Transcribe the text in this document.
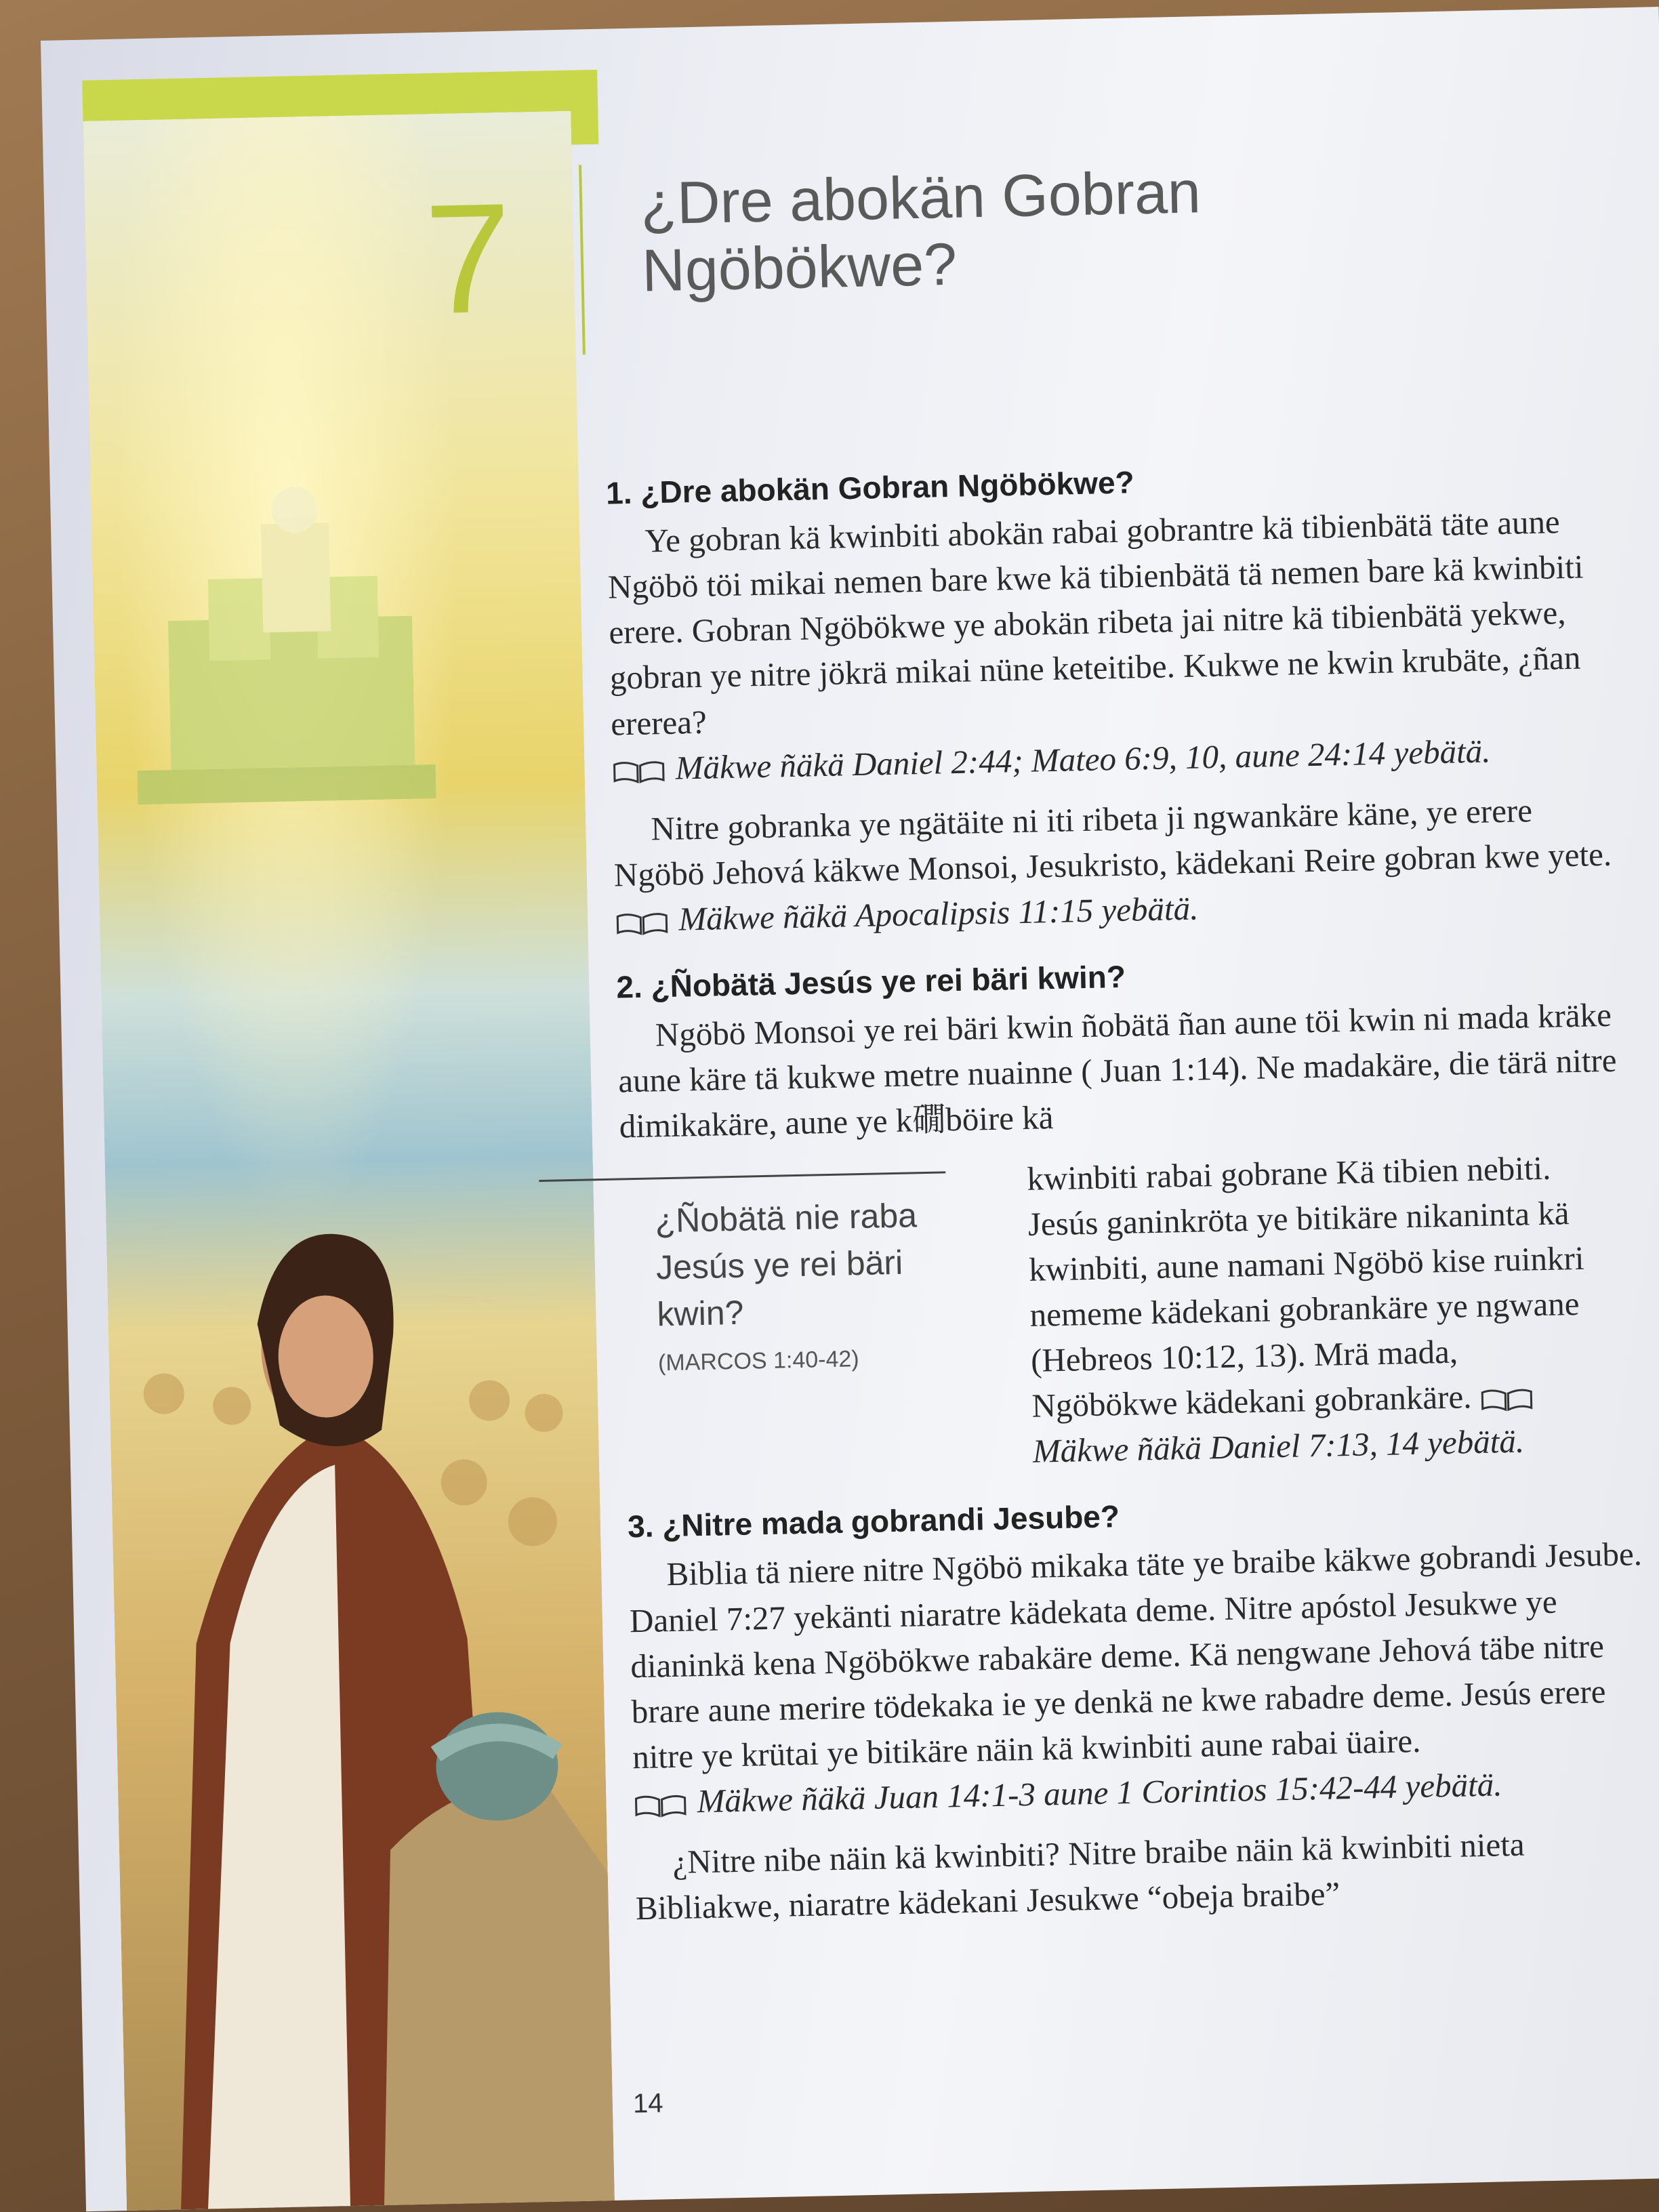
7 ¿Dre abokän Gobran
Ngöbökwe?
1. ¿Dre abokän Gobran Ngöbökwe?

Ye gobran kä kwinbiti abokän rabai gobrantre kä tibienbätä täte aune Ngöbö töi mikai nemen bare kwe kä tibienbätä tä nemen bare kä kwinbiti erere. Gobran Ngöbökwe ye abokän ribeta jai nitre kä tibienbätä yekwe, gobran ye nitre jökrä mikai nüne keteitibe. Kukwe ne kwin krubäte, ¿ñan ererea?
Mäkwe ñäkä Daniel 2:44; Mateo 6:9, 10, aune 24:14 yebätä.

Nitre gobranka ye ngätäite ni iti ribeta ji ngwankäre käne, ye erere Ngöbö Jehová käkwe Monsoi, Jesukristo, kädekani Reire gobran kwe yete. Mäkwe ñäkä Apocalipsis 11:15 yebätä.

2. ¿Ñobätä Jesús ye rei bäri kwin?

Ngöbö Monsoi ye rei bäri kwin ñobätä ñan aune töi kwin ni mada kräke aune käre tä kukwe metre nuainne ( Juan 1:14). Ne madakäre, die tärä nitre dimikakäre, aune ye k礀böire kä

¿Ñobätä nie raba Jesús ye rei bäri kwin?
(MARCOS 1:40-42)

kwinbiti rabai gobrane Kä tibien nebiti. Jesús ganinkröta ye bitikäre nikaninta kä kwinbiti, aune namani Ngöbö kise ruinkri nememe kädekani gobrankäre ye ngwane (Hebreos 10:12, 13). Mrä mada, Ngöbökwe kädekani gobrankäre. Mäkwe ñäkä Daniel 7:13, 14 yebätä.

3. ¿Nitre mada gobrandi Jesube?

Biblia tä niere nitre Ngöbö mikaka täte ye braibe käkwe gobrandi Jesube. Daniel 7:27 yekänti niaratre kädekata deme. Nitre apóstol Jesukwe ye dianinkä kena Ngöbökwe rabakäre deme. Kä nengwane Jehová täbe nitre brare aune merire tödekaka ie ye denkä ne kwe rabadre deme. Jesús erere nitre ye krütai ye bitikäre näin kä kwinbiti aune rabai üaire.
Mäkwe ñäkä Juan 14:1-3 aune 1 Corintios 15:42-44 yebätä.

¿Nitre nibe näin kä kwinbiti? Nitre braibe näin kä kwinbiti nieta Bibliakwe, niaratre kädekani Jesukwe “obeja braibe”

14
